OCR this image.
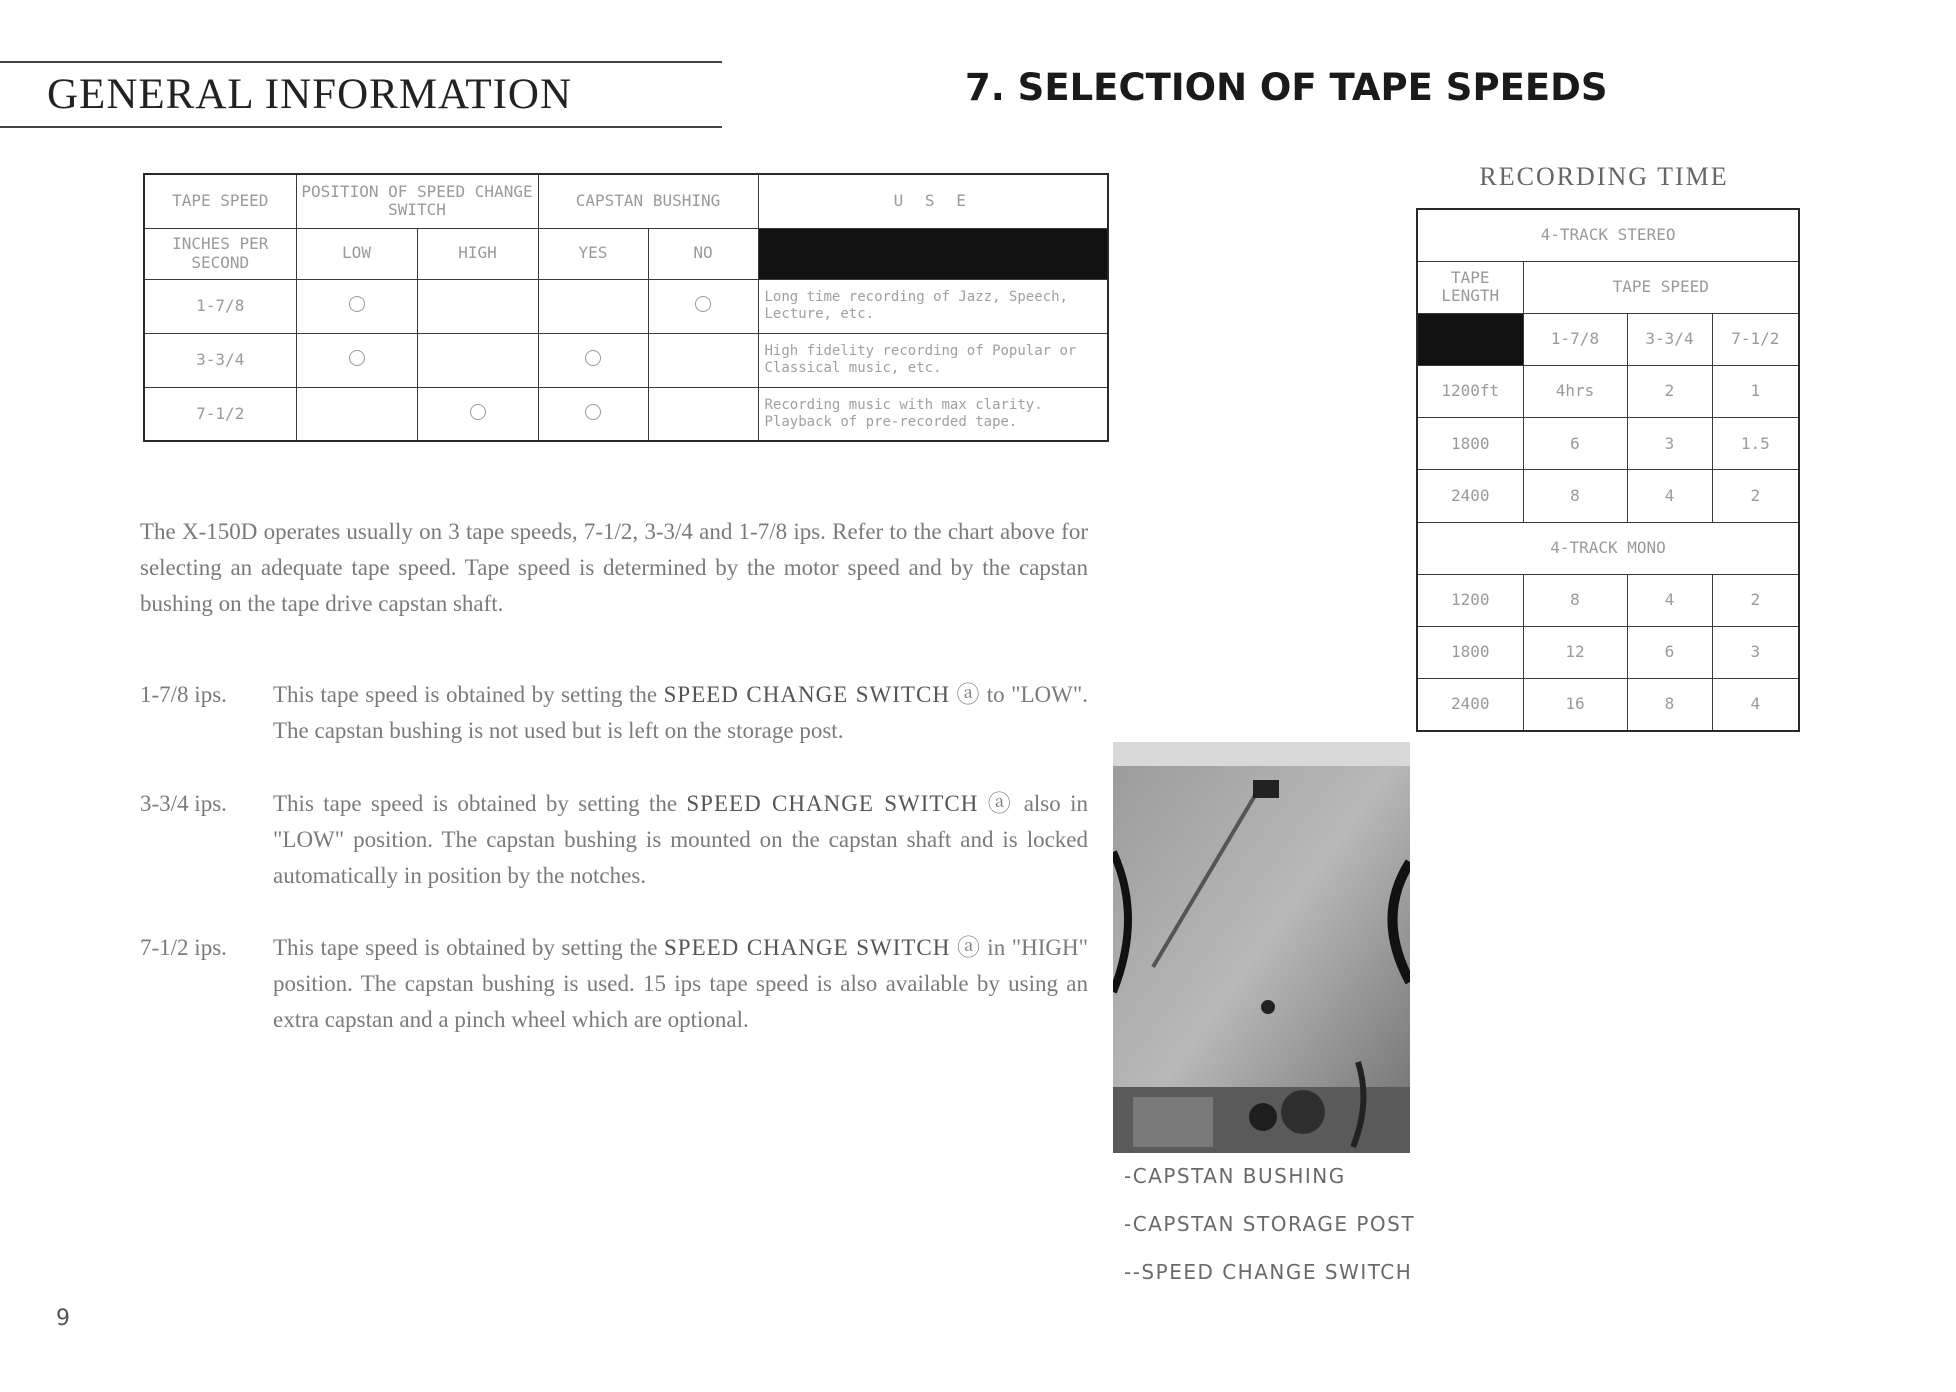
GENERAL INFORMATION	7. SELECTION OF TAPE SPEEDS
TAPE SPEED	POSITION OF SPEED CHANGE SWITCH		CAPSTAN BUSHING		U S E
INCHES PER SECOND	LOW	HIGH	YES	NO	
1-7/8					Long time recording of Jazz, Speech, Lecture, etc.
3-3/4					High fidelity recording of Popular or Classical music, etc.
7-1/2					Recording music with max clarity. Playback of pre-recorded tape.
RECORDING TIME
4-TRACK STEREO			
TAPE LENGTH	TAPE SPEED		
	1-7/8	3-3/4	7-1/2
1200ft	4hrs	2	1
1800	6	3	1.5
2400	8	4	2
4-TRACK MONO			
1200	8	4	2
1800	12	6	3
2400	16	8	4
The X-150D operates usually on 3 tape speeds, 7-1/2, 3-3/4 and 1-7/8 ips. Refer to the chart above for selecting an adequate tape speed. Tape speed is determined by the motor speed and by the capstan bushing on the tape drive capstan shaft.
1-7/8 ips.	This tape speed is obtained by setting the SPEED CHANGE SWITCH ⓐ to "LOW". The capstan bushing is not used but is left on the storage post.
3-3/4 ips.	This tape speed is obtained by setting the SPEED CHANGE SWITCH ⓐ also in "LOW" position. The capstan bushing is mounted on the capstan shaft and is locked automatically in position by the notches.
7-1/2 ips.	This tape speed is obtained by setting the SPEED CHANGE SWITCH ⓐ in "HIGH" position. The capstan bushing is used. 15 ips tape speed is also available by using an extra capstan and a pinch wheel which are optional.
-CAPSTAN BUSHING
-CAPSTAN STORAGE POST
--SPEED CHANGE SWITCH
9
